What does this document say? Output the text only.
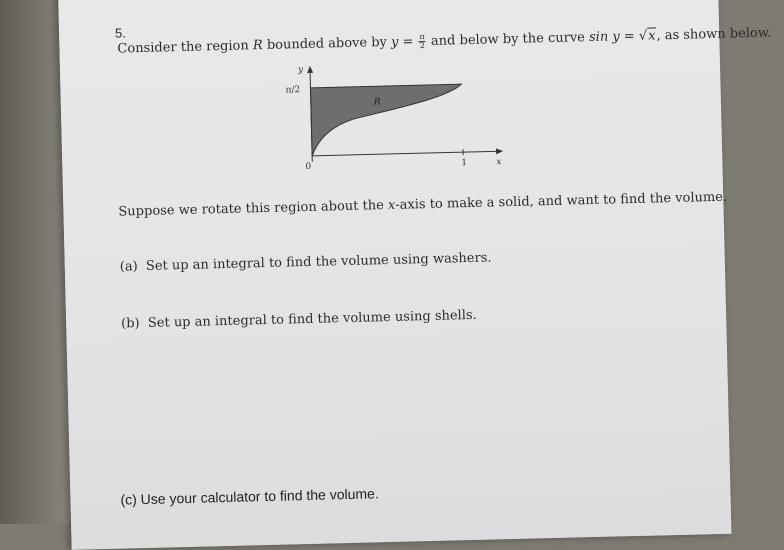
5.
Consider the region R bounded above by $y = \frac{\pi}{2}$ and below by the curve sin y = √x, as shown below.
y
π/2
R
0	1	x
Suppose we rotate this region about the x-axis to make a solid, and want to find the volume.
(a) Set up an integral to find the volume using washers.
(b) Set up an integral to find the volume using shells.
(c) Use your calculator to find the volume.
